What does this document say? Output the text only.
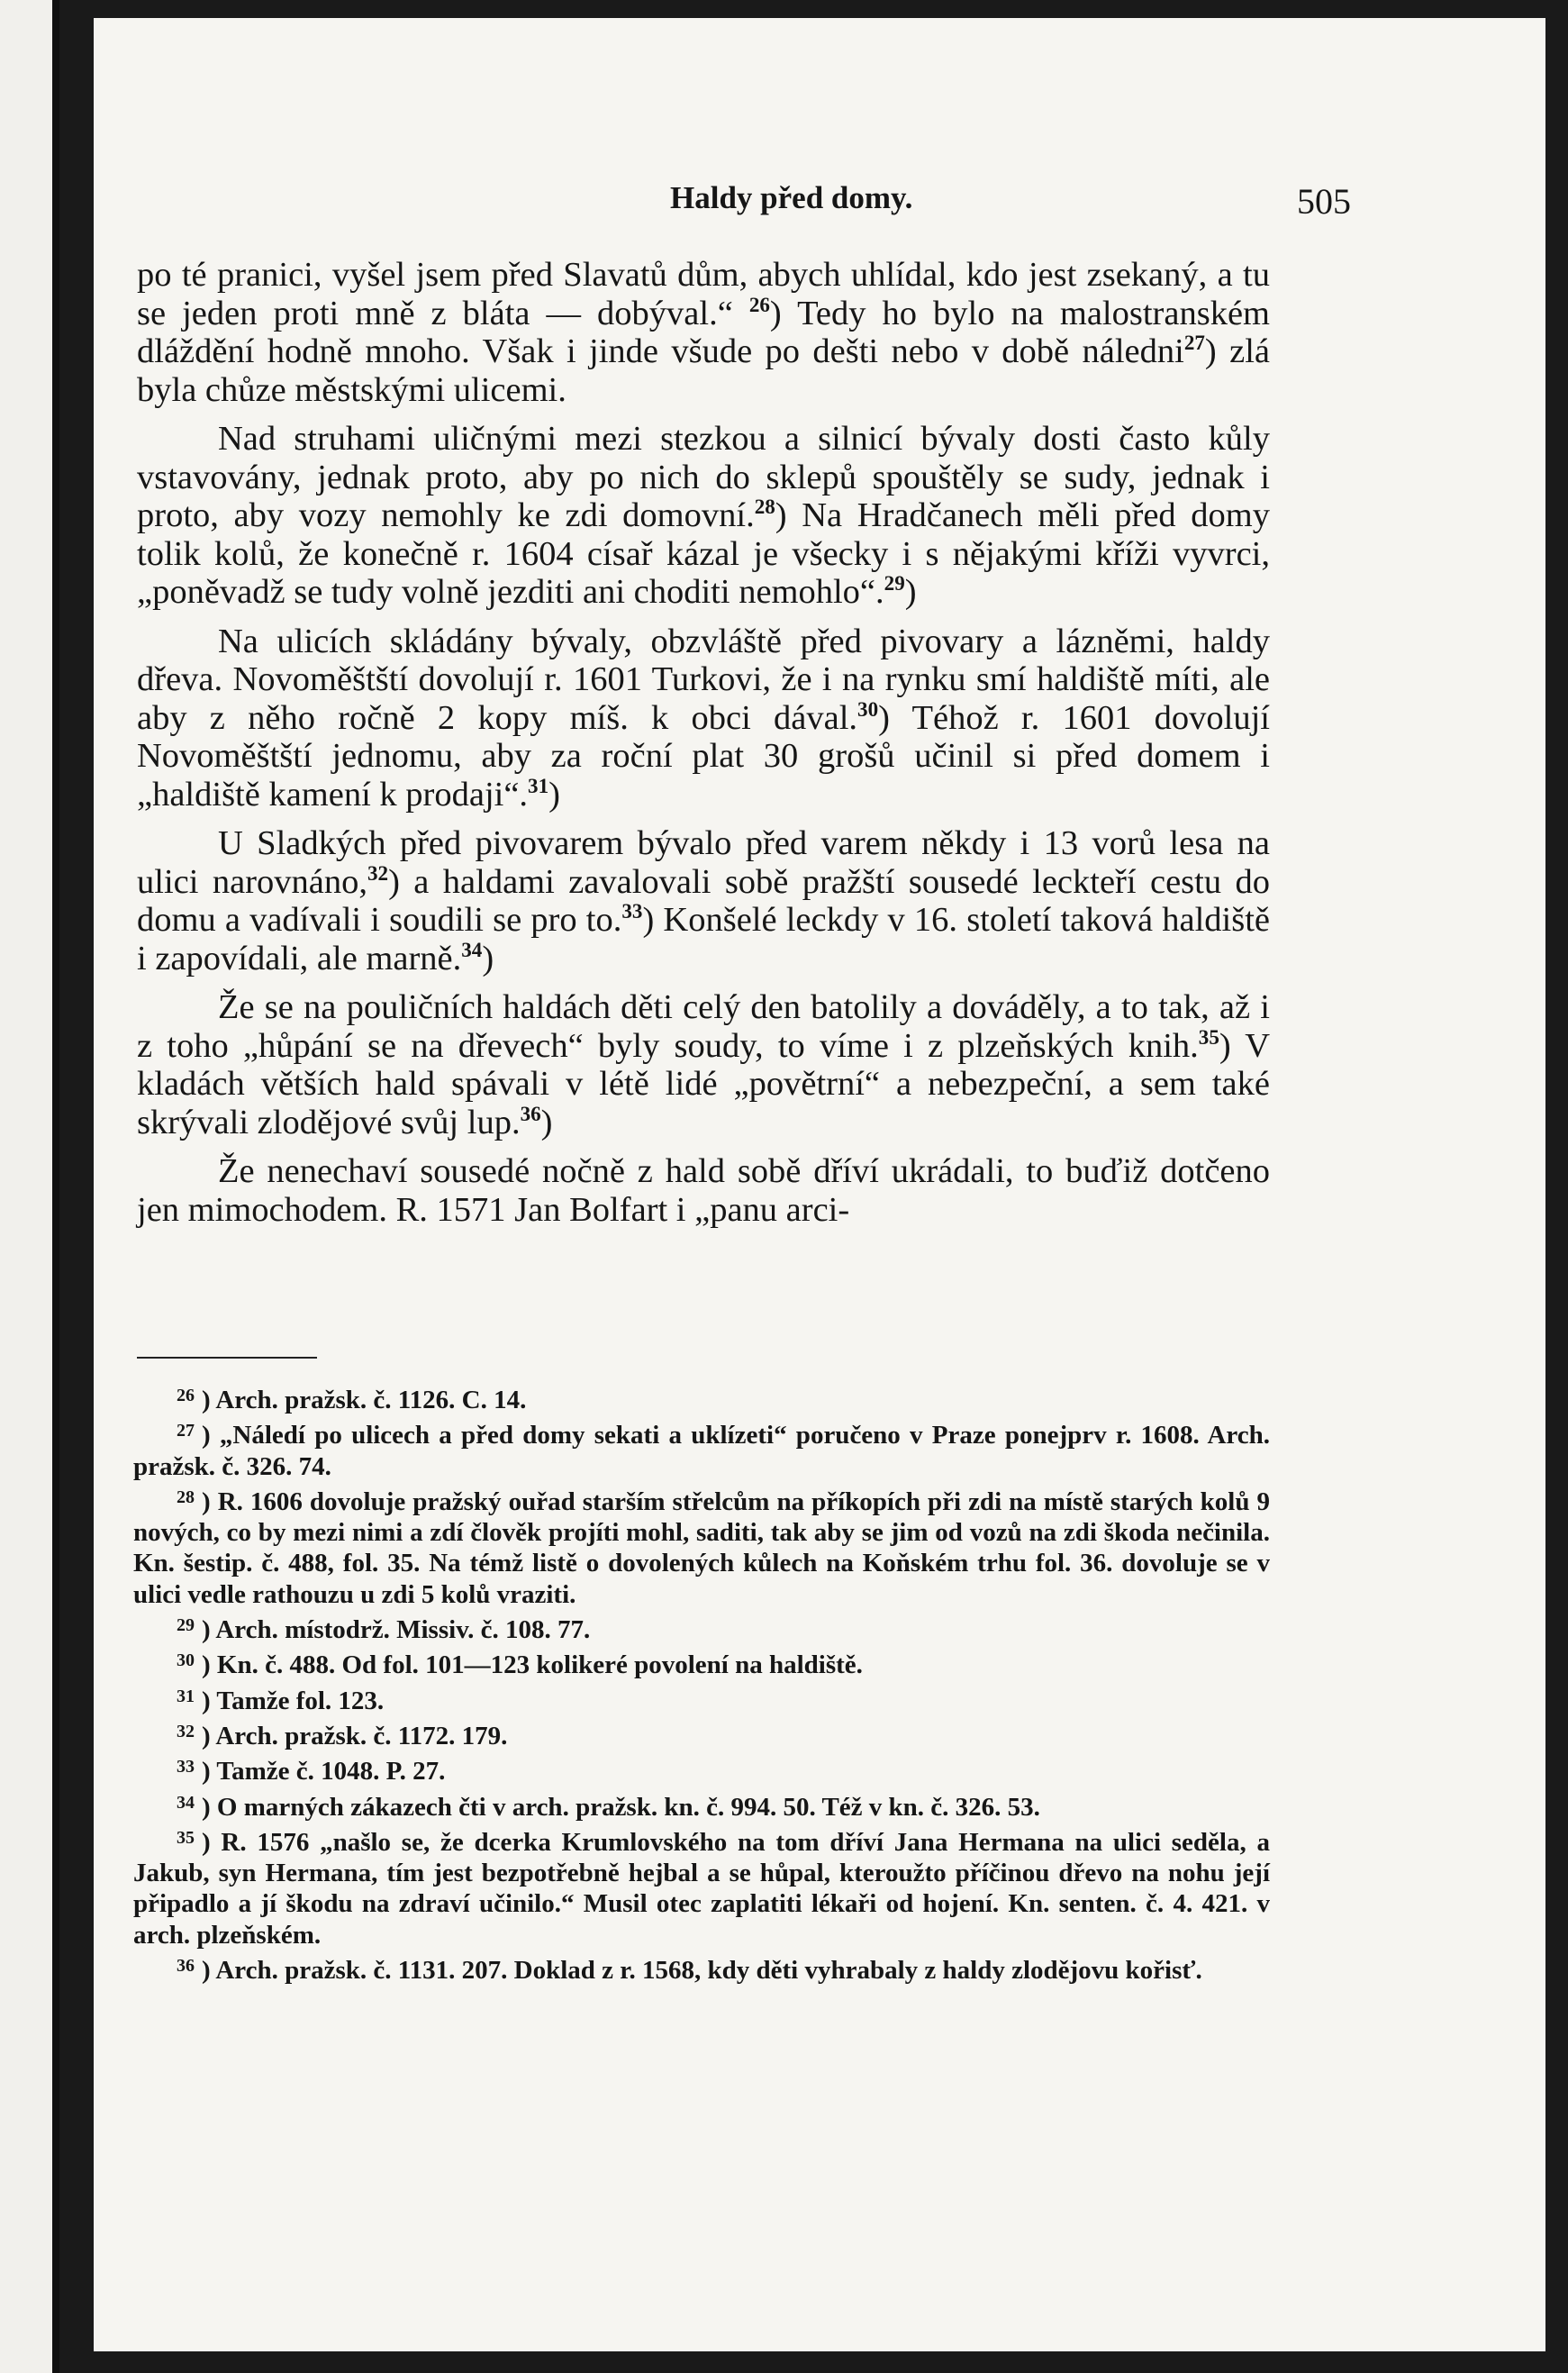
Haldy před domy.	505

po té pranici, vyšel jsem před Slavatů dům, abych uhlídal, kdo jest zsekaný, a tu se jeden proti mně z bláta — dobýval.“ $^{26}$) Tedy ho bylo na malostranském dláždění hodně mnoho. Však i jinde všude po dešti nebo v době náledni$^{27}$) zlá byla chůze městskými ulicemi.

Nad struhami uličnými mezi stezkou a silnicí bývaly dosti často kůly vstavovány, jednak proto, aby po nich do sklepů spouštěly se sudy, jednak i proto, aby vozy nemohly ke zdi domovní.$^{28}$) Na Hradčanech měli před domy tolik kolů, že konečně r. 1604 císař kázal je všecky i s nějakými kříži vyvrci, „poněvadž se tudy volně jezditi ani choditi nemohlo“.$^{29}$)

Na ulicích skládány bývaly, obzvláště před pivovary a lázněmi, haldy dřeva. Novoměštští dovolují r. 1601 Turkovi, že i na rynku smí haldiště míti, ale aby z něho ročně 2 kopy míš. k obci dával.$^{30}$) Téhož r. 1601 dovolují Novoměštští jednomu, aby za roční plat 30 grošů učinil si před domem i „haldiště kamení k prodaji“.$^{31}$)

U Sladkých před pivovarem bývalo před varem někdy i 13 vorů lesa na ulici narovnáno,$^{32}$) a haldami zavalovali sobě pražští sousedé leckteří cestu do domu a vadívali i soudili se pro to.$^{33}$) Konšelé leckdy v 16. století taková haldiště i zapovídali, ale marně.$^{34}$)

Že se na pouličních haldách děti celý den batolily a dováděly, a to tak, až i z toho „hůpání se na dřevech“ byly soudy, to víme i z plzeňských knih.$^{35}$) V kladách větších hald spávali v létě lidé „povětrní“ a nebezpeční, a sem také skrývali zlodějové svůj lup.$^{36}$)

Že nenechaví sousedé nočně z hald sobě dříví ukrádali, to buďiž dotčeno jen mimochodem. R. 1571 Jan Bolfart i „panu arci-

26 ) Arch. pražsk. č. 1126. C. 14.

27 ) „Náledí po ulicech a před domy sekati a uklízeti“ poručeno v Praze ponejprv r. 1608. Arch. pražsk. č. 326. 74.

28 ) R. 1606 dovoluje pražský ouřad starším střelcům na příkopích při zdi na místě starých kolů 9 nových, co by mezi nimi a zdí člověk projíti mohl, saditi, tak aby se jim od vozů na zdi škoda nečinila. Kn. šestip. č. 488, fol. 35. Na témž listě o dovolených kůlech na Koňském trhu fol. 36. dovoluje se v ulici vedle rathouzu u zdi 5 kolů vraziti.

29 ) Arch. místodrž. Missiv. č. 108. 77.

30 ) Kn. č. 488. Od fol. 101—123 kolikeré povolení na haldiště.

31 ) Tamže fol. 123.

32 ) Arch. pražsk. č. 1172. 179.

33 ) Tamže č. 1048. P. 27.

34 ) O marných zákazech čti v arch. pražsk. kn. č. 994. 50. Též v kn. č. 326. 53.

35 ) R. 1576 „našlo se, že dcerka Krumlovského na tom dříví Jana Hermana na ulici seděla, a Jakub, syn Hermana, tím jest bezpotřebně hejbal a se hůpal, kteroužto příčinou dřevo na nohu její připadlo a jí škodu na zdraví učinilo.“ Musil otec zaplatiti lékaři od hojení. Kn. senten. č. 4. 421. v arch. plzeňském.

36 ) Arch. pražsk. č. 1131. 207. Doklad z r. 1568, kdy děti vyhrabaly z haldy zlodějovu kořisť.
